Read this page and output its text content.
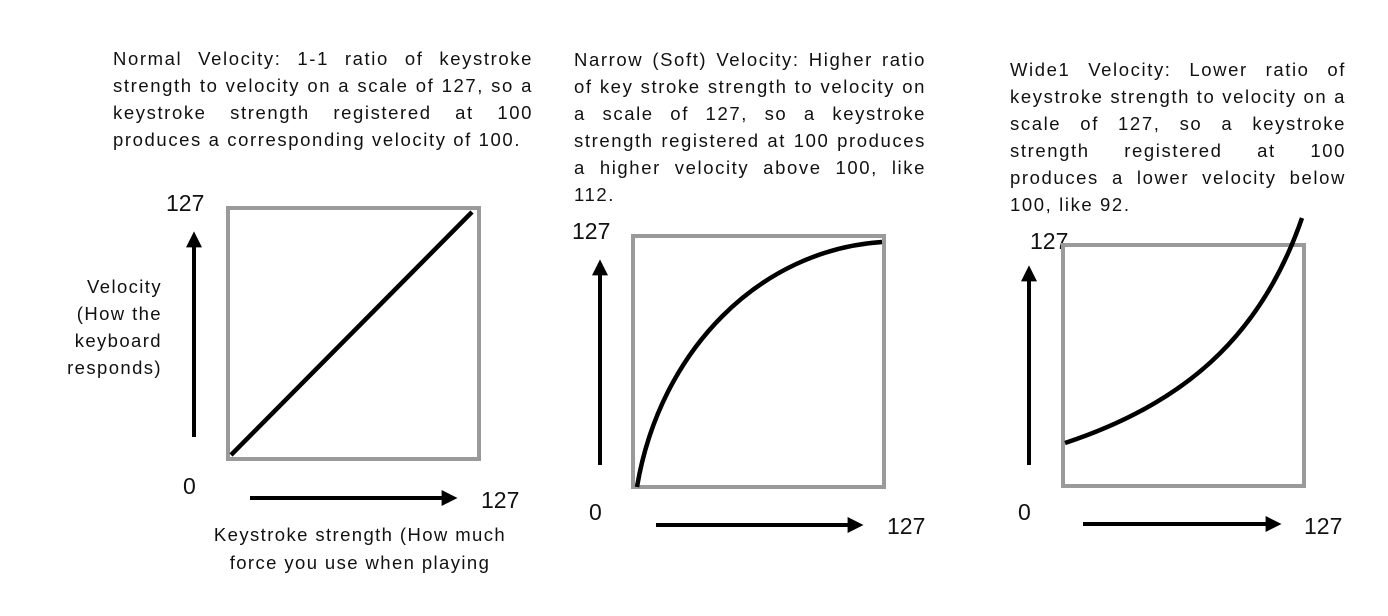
Normal Velocity: 1-1 ratio of keystroke strength to velocity on a scale of 127, so a keystroke strength registered at 100 produces a corresponding velocity of 100.

Velocity (How the keyboard responds)
Keystroke strength (How much force you use when playing
127
0
127

Narrow (Soft) Velocity: Higher ratio of key stroke strength to velocity on a scale of 127, so a keystroke strength registered at 100 produces a higher velocity above 100, like 112.

127
0
127

Wide1 Velocity: Lower ratio of keystroke strength to velocity on a scale of 127, so a keystroke strength registered at 100 produces a lower velocity below 100, like 92.

127
0
127
